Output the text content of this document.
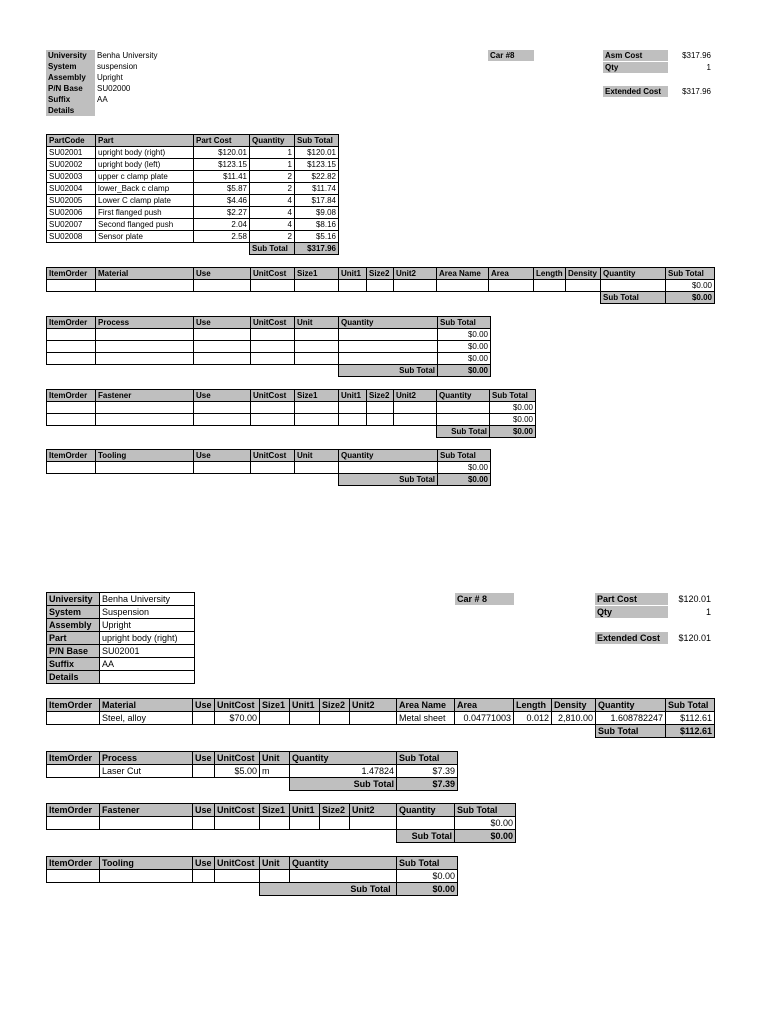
University	Benha University
System	suspension
Assembly	Upright
P/N Base	SU02000
Suffix	AA
Details	
Car #8	Asm Cost	$317.96
Qty	1
Extended Cost	$317.96
PartCode	Part	Part Cost	Quantity	Sub Total
SU02001	upright body (right)	$120.01	1	$120.01
SU02002	upright body (left)	$123.15	1	$123.15
SU02003	upper c clamp plate	$11.41	2	$22.82
SU02004	lower_Back c clamp	$5.87	2	$11.74
SU02005	Lower C clamp plate	$4.46	4	$17.84
SU02006	First flanged push	$2.27	4	$9.08
SU02007	Second flanged push	2.04	4	$8.16
SU02008	Sensor plate	2.58	2	$5.16
			Sub Total	$317.96
ItemOrder	Material	Use	UnitCost	Size1	Unit1	Size2	Unit2	Area Name	Area	Length	Density	Quantity	Sub Total
													$0.00
												Sub Total	$0.00
ItemOrder	Process	Use	UnitCost	Unit	Quantity	Sub Total
						$0.00
						$0.00
						$0.00
					Sub Total	$0.00
ItemOrder	Fastener	Use	UnitCost	Size1	Unit1	Size2	Unit2	Quantity	Sub Total
									$0.00
									$0.00
								Sub Total	$0.00
ItemOrder	Tooling	Use	UnitCost	Unit	Quantity	Sub Total
						$0.00
					Sub Total	$0.00
University	Benha University
System	Suspension
Assembly	Upright
Part	upright body (right)
P/N Base	SU02001
Suffix	AA
Details	
Car # 8	Part Cost	$120.01
Qty	1
Extended Cost	$120.01
ItemOrder	Material	Use	UnitCost	Size1	Unit1	Size2	Unit2	Area Name	Area	Length	Density	Quantity	Sub Total
	Steel, alloy		$70.00					Metal sheet	0.04771003	0.012	2,810.00	1.608782247	$112.61
												Sub Total	$112.61
ItemOrder	Process	Use	UnitCost	Unit	Quantity	Sub Total
	Laser Cut		$5.00	m	1.47824	$7.39
					Sub Total	$7.39
ItemOrder	Fastener	Use	UnitCost	Size1	Unit1	Size2	Unit2	Quantity	Sub Total
									$0.00
								Sub Total	$0.00
ItemOrder	Tooling	Use	UnitCost	Unit	Quantity	Sub Total
						$0.00
				Sub Total		$0.00
